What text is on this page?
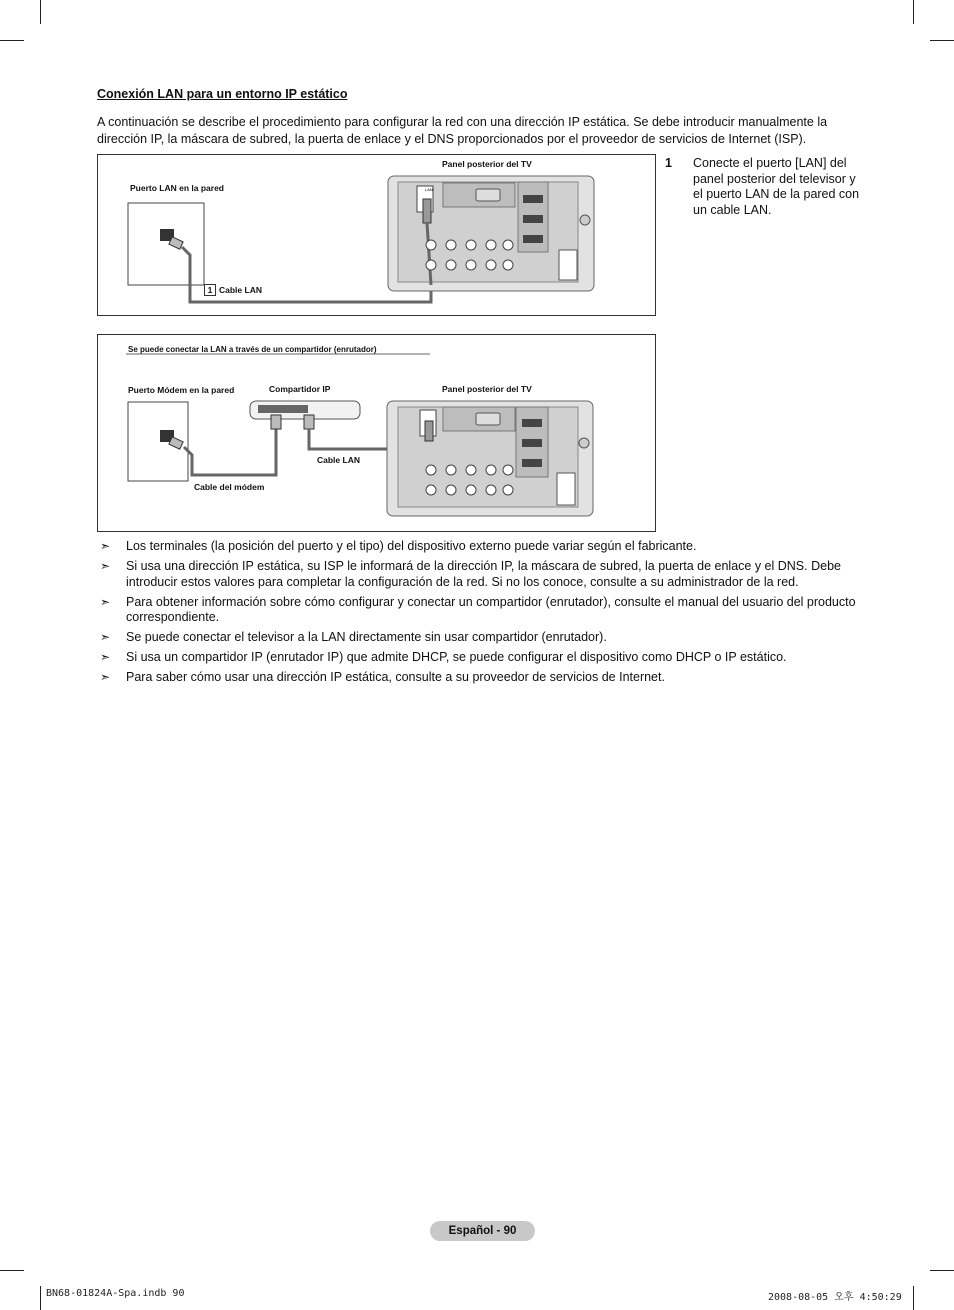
Conexión LAN para un entorno IP estático
A continuación se describe el procedimiento para configurar la red con una dirección IP estática. Se debe introducir manualmente la dirección IP, la máscara de subred, la puerta de enlace y el DNS proporcionados por el proveedor de servicios de Internet (ISP).
LAN
Puerto LAN en la pared
Panel posterior del TV
1 Cable LAN
1 Conecte el puerto [LAN] del panel posterior del televisor y el puerto LAN de la pared con un cable LAN.
Se puede conectar la LAN a través de un compartidor (enrutador)
Puerto Módem en la pared	Compartidor IP	Panel posterior del TV
Cable LAN
Cable del módem
➣ Los terminales (la posición del puerto y el tipo) del dispositivo externo puede variar según el fabricante.
➣ Si usa una dirección IP estática, su ISP le informará de la dirección IP, la máscara de subred, la puerta de enlace y el DNS. Debe introducir estos valores para completar la configuración de la red. Si no los conoce, consulte a su administrador de la red.
➣ Para obtener información sobre cómo configurar y conectar un compartidor (enrutador), consulte el manual del usuario del producto correspondiente.
➣ Se puede conectar el televisor a la LAN directamente sin usar compartidor (enrutador).
➣ Si usa un compartidor IP (enrutador IP) que admite DHCP, se puede configurar el dispositivo como DHCP o IP estático.
➣ Para saber cómo usar una dirección IP estática, consulte a su proveedor de servicios de Internet.
Español - 90
BN68-01824A-Spa.indb 90	2008-08-05 오후 4:50:29
